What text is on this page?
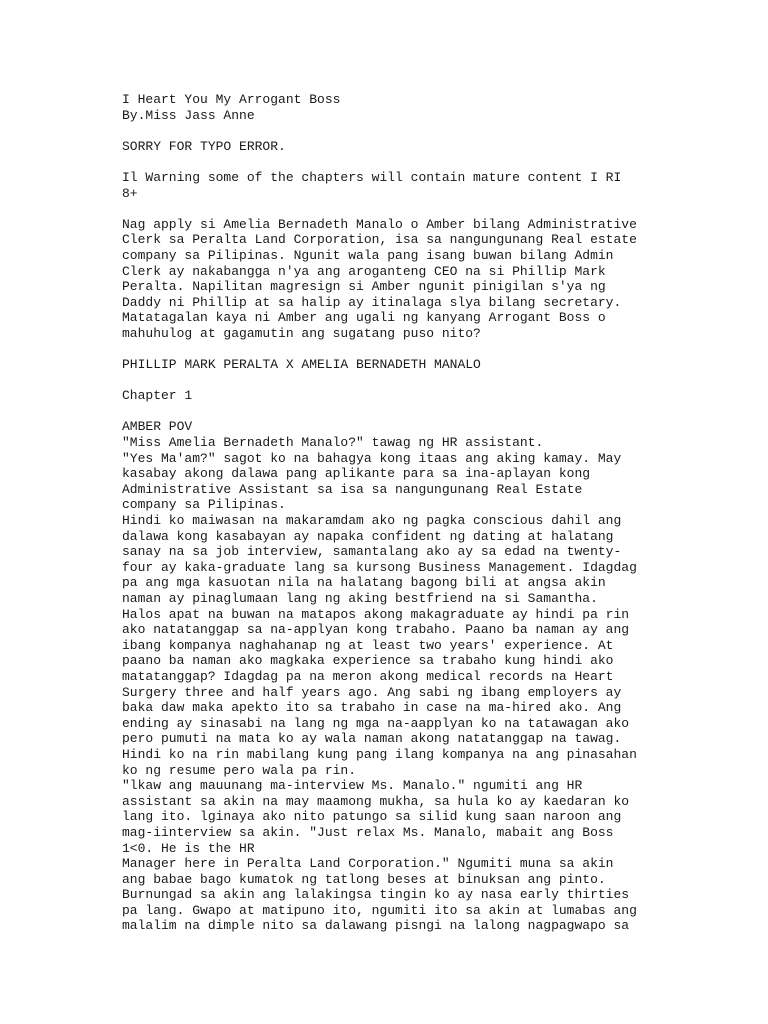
I Heart You My Arrogant Boss
By.Miss Jass Anne
SORRY FOR TYPO ERROR.
Il Warning some of the chapters will contain mature content I RI
8+
Nag apply si Amelia Bernadeth Manalo o Amber bilang Administrative
Clerk sa Peralta Land Corporation, isa sa nangungunang Real estate
company sa Pilipinas. Ngunit wala pang isang buwan bilang Admin
Clerk ay nakabangga n'ya ang aroganteng CEO na si Phillip Mark
Peralta. Napilitan magresign si Amber ngunit pinigilan s'ya ng
Daddy ni Phillip at sa halip ay itinalaga slya bilang secretary.
Matatagalan kaya ni Amber ang ugali ng kanyang Arrogant Boss o
mahuhulog at gagamutin ang sugatang puso nito?
PHILLIP MARK PERALTA X AMELIA BERNADETH MANALO
Chapter 1
AMBER POV
"Miss Amelia Bernadeth Manalo?" tawag ng HR assistant.
"Yes Ma'am?" sagot ko na bahagya kong itaas ang aking kamay. May
kasabay akong dalawa pang aplikante para sa ina-aplayan kong
Administrative Assistant sa isa sa nangungunang Real Estate
company sa Pilipinas.
Hindi ko maiwasan na makaramdam ako ng pagka conscious dahil ang
dalawa kong kasabayan ay napaka confident ng dating at halatang
sanay na sa job interview, samantalang ako ay sa edad na twenty-
four ay kaka-graduate lang sa kursong Business Management. Idagdag
pa ang mga kasuotan nila na halatang bagong bili at angsa akin
naman ay pinaglumaan lang ng aking bestfriend na si Samantha.
Halos apat na buwan na matapos akong makagraduate ay hindi pa rin
ako natatanggap sa na-applyan kong trabaho. Paano ba naman ay ang
ibang kompanya naghahanap ng at least two years' experience. At
paano ba naman ako magkaka experience sa trabaho kung hindi ako
matatanggap? Idagdag pa na meron akong medical records na Heart
Surgery three and half years ago. Ang sabi ng ibang employers ay
baka daw maka apekto ito sa trabaho in case na ma-hired ako. Ang
ending ay sinasabi na lang ng mga na-aapplyan ko na tatawagan ako
pero pumuti na mata ko ay wala naman akong natatanggap na tawag.
Hindi ko na rin mabilang kung pang ilang kompanya na ang pinasahan
ko ng resume pero wala pa rin.
"lkaw ang mauunang ma-interview Ms. Manalo." ngumiti ang HR
assistant sa akin na may maamong mukha, sa hula ko ay kaedaran ko
lang ito. lginaya ako nito patungo sa silid kung saan naroon ang
mag-iinterview sa akin. "Just relax Ms. Manalo, mabait ang Boss
1<0. He is the HR
Manager here in Peralta Land Corporation." Ngumiti muna sa akin
ang babae bago kumatok ng tatlong beses at binuksan ang pinto.
Burnungad sa akin ang lalakingsa tingin ko ay nasa early thirties
pa lang. Gwapo at matipuno ito, ngumiti ito sa akin at lumabas ang
malalim na dimple nito sa dalawang pisngi na lalong nagpagwapo sa
